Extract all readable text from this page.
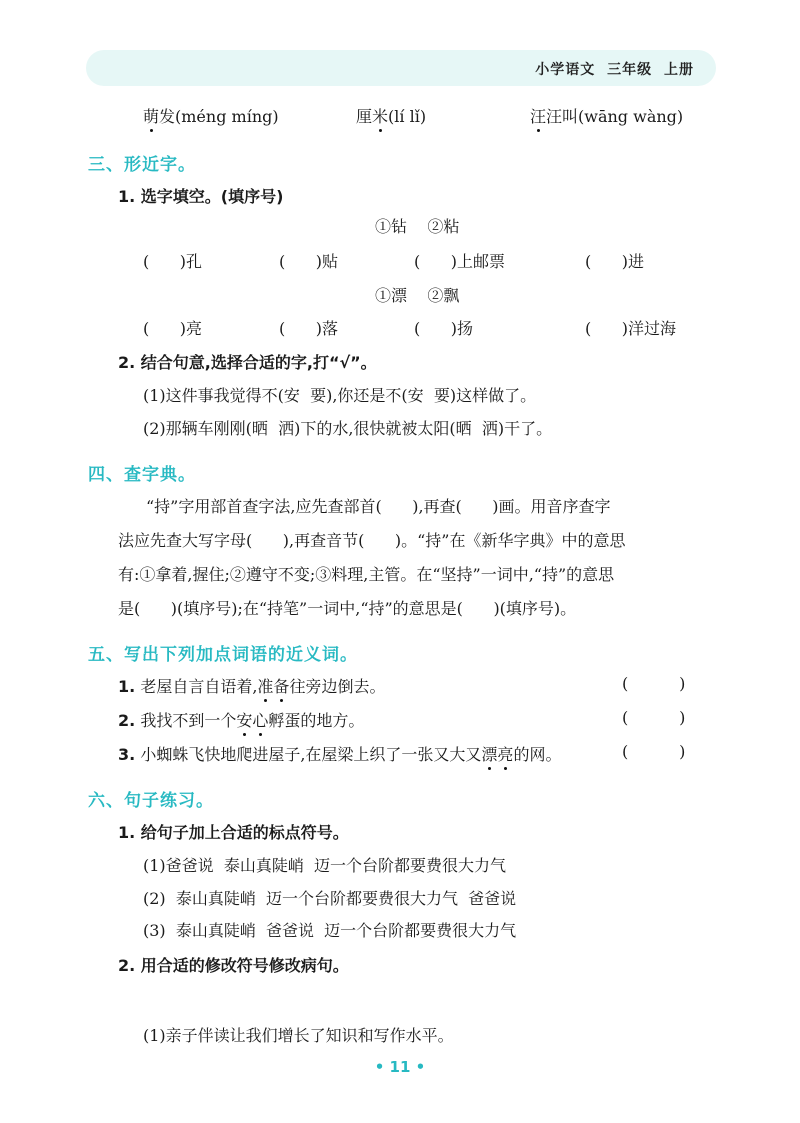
小学语文 三年级 上册
萌发(méng míng)	厘米(lí lǐ)	汪汪叫(wāng wàng)
三、形近字。
1. 选字填空。(填序号)
①钻    ②粘
(      )孔	(      )贴	(      )上邮票	(      )进
①漂    ②飘
(      )亮	(      )落	(      )扬	(      )洋过海
2. 结合句意,选择合适的字,打“√”。
(1)这件事我觉得不(安  要),你还是不(安  要)这样做了。
(2)那辆车刚刚(晒  洒)下的水,很快就被太阳(晒  洒)干了。
四、查字典。
“持”字用部首查字法,应先查部首(      ),再查(      )画。用音序查字
法应先查大写字母(      ),再查音节(      )。“持”在《新华字典》中的意思
有:①拿着,握住;②遵守不变;③料理,主管。在“坚持”一词中,“持”的意思
是(      )(填序号);在“持笔”一词中,“持”的意思是(      )(填序号)。
五、写出下列加点词语的近义词。
1. 老屋自言自语着,准备往旁边倒去。	(          )
2. 我找不到一个安心孵蛋的地方。	(          )
3. 小蜘蛛飞快地爬进屋子,在屋梁上织了一张又大又漂亮的网。	(          )
六、句子练习。
1. 给句子加上合适的标点符号。
(1)爸爸说  泰山真陡峭  迈一个台阶都要费很大力气
(2)  泰山真陡峭  迈一个台阶都要费很大力气  爸爸说
(3)  泰山真陡峭  爸爸说  迈一个台阶都要费很大力气
2. 用合适的修改符号修改病句。
(1)亲子伴读让我们增长了知识和写作水平。
• 11 •
